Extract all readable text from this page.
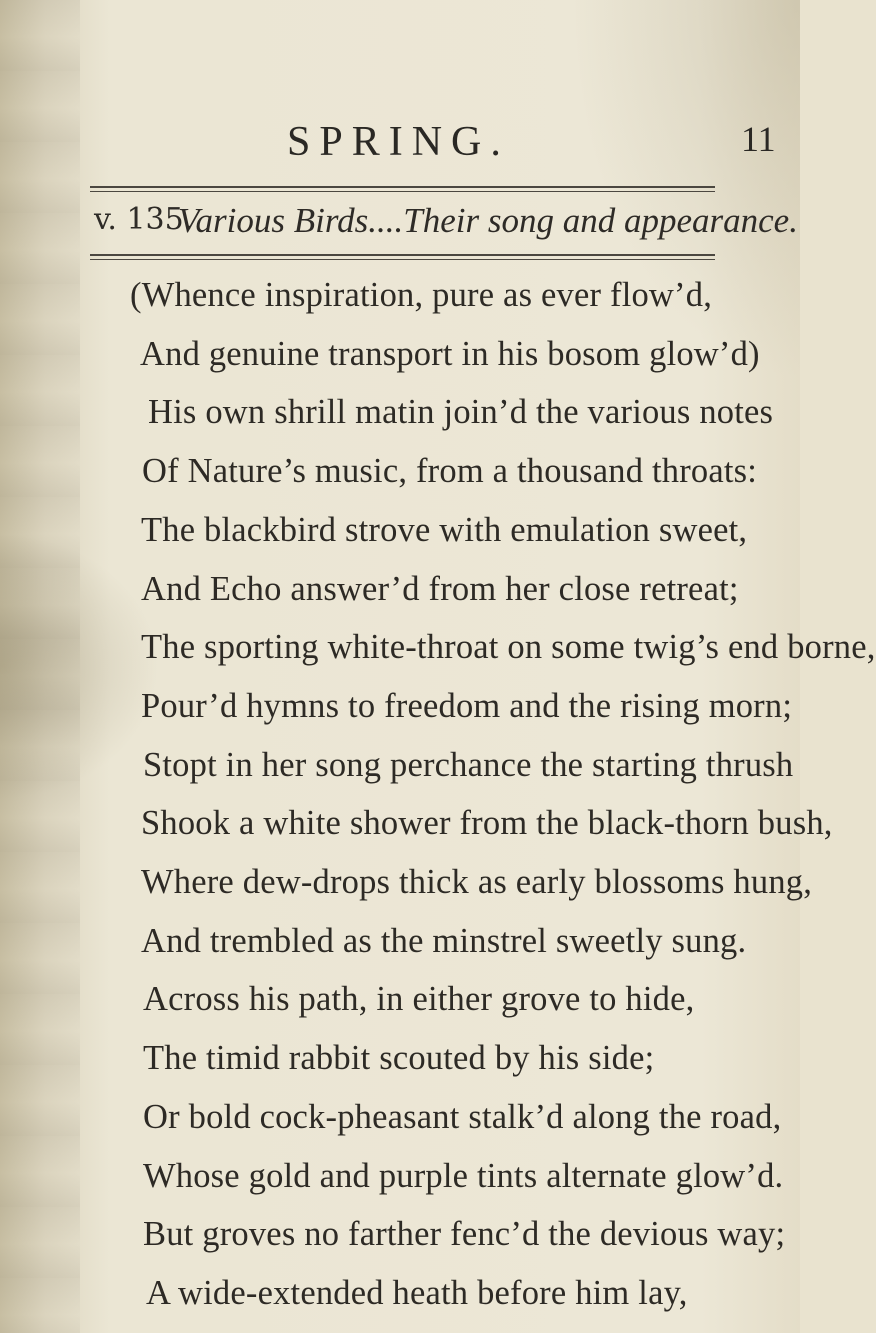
SPRING.	11
v. 135.
Various Birds....Their song and appearance.
(Whence inspiration, pure as ever flow’d,
And genuine transport in his bosom glow’d)
His own shrill matin join’d the various notes
Of Nature’s music, from a thousand throats:
The blackbird strove with emulation sweet,
And Echo answer’d from her close retreat;
The sporting white-throat on some twig’s end borne,
Pour’d hymns to freedom and the rising morn;
Stopt in her song perchance the starting thrush
Shook a white shower from the black-thorn bush,
Where dew-drops thick as early blossoms hung,
And trembled as the minstrel sweetly sung.
Across his path, in either grove to hide,
The timid rabbit scouted by his side;
Or bold cock-pheasant stalk’d along the road,
Whose gold and purple tints alternate glow’d.
But groves no farther fenc’d the devious way;
A wide-extended heath before him lay,
